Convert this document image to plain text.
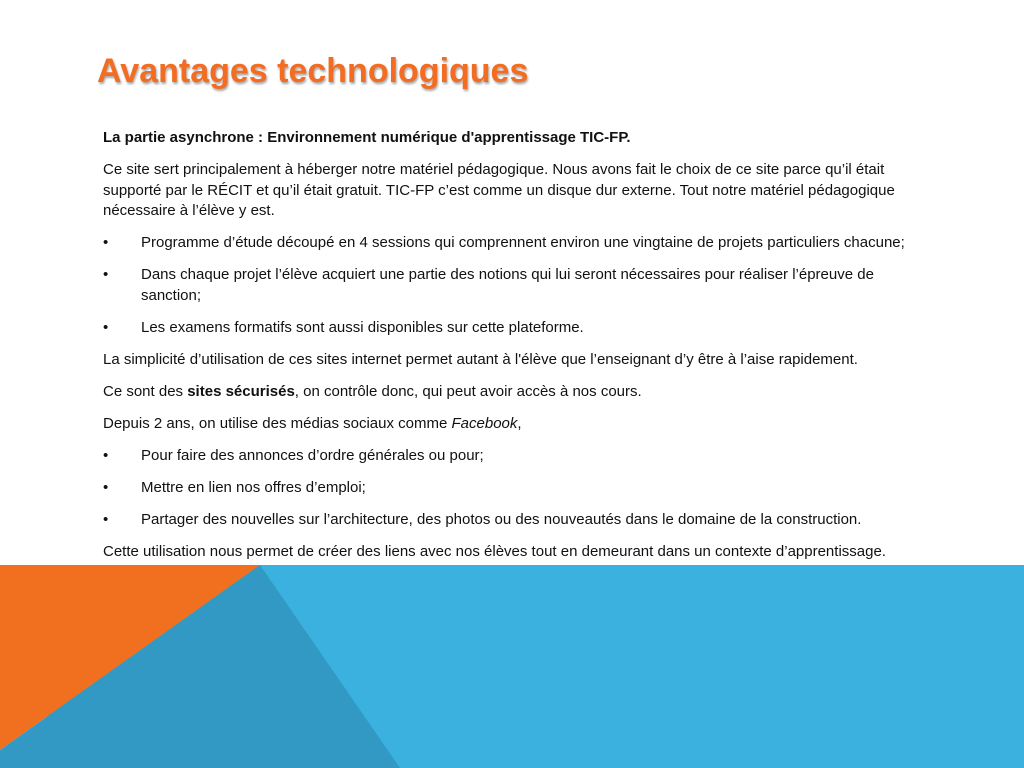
Avantages technologiques

La partie asynchrone : Environnement numérique d'apprentissage TIC-FP.

Ce site sert principalement à héberger notre matériel pédagogique. Nous avons fait le choix de ce site parce qu’il était supporté par le RÉCIT et qu’il était gratuit. TIC-FP c’est comme un disque dur externe. Tout notre matériel pédagogique nécessaire à l’élève y est.

• Programme d’étude découpé en 4 sessions qui comprennent environ une vingtaine de projets particuliers chacune;
• Dans chaque projet l’élève acquiert une partie des notions qui lui seront nécessaires pour réaliser l’épreuve de sanction;
• Les examens formatifs sont aussi disponibles sur cette plateforme.

La simplicité d’utilisation de ces sites internet permet autant à l'élève que l’enseignant d’y être à l’aise rapidement.

Ce sont des sites sécurisés, on contrôle donc, qui peut avoir accès à nos cours.

Depuis 2 ans, on utilise des médias sociaux comme Facebook,

• Pour faire des annonces d’ordre générales ou pour;
• Mettre en lien nos offres d’emploi;
• Partager des nouvelles sur l’architecture, des photos ou des nouveautés dans le domaine de la construction.

Cette utilisation nous permet de créer des liens avec nos élèves tout en demeurant dans un contexte d’apprentissage.
